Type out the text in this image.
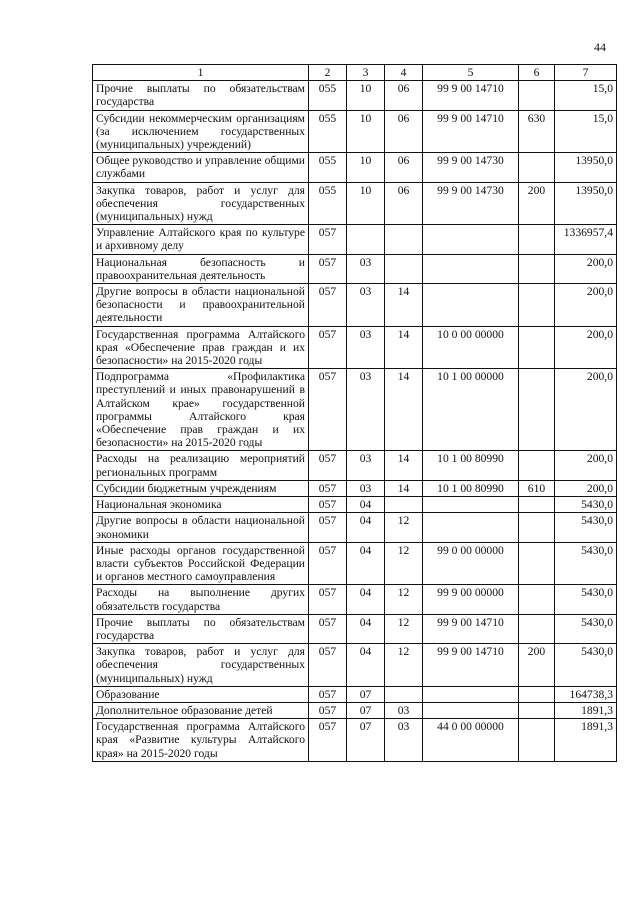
44
1	2	3	4	5	6	7
Прочие выплаты по обязательствам государства	055	10	06	99 9 00 14710		15,0
Субсидии некоммерческим организациям (за исключением государственных (муниципальных) учреждений)	055	10	06	99 9 00 14710	630	15,0
Общее руководство и управление общими службами	055	10	06	99 9 00 14730		13950,0
Закупка товаров, работ и услуг для обеспечения государственных (муниципальных) нужд	055	10	06	99 9 00 14730	200	13950,0
Управление Алтайского края по культуре и архивному делу	057					1336957,4
Национальная безопасность и правоохранительная деятельность	057	03				200,0
Другие вопросы в области национальной безопасности и правоохранительной деятельности	057	03	14			200,0
Государственная программа Алтайского края «Обеспечение прав граждан и их безопасности» на 2015-2020 годы	057	03	14	10 0 00 00000		200,0
Подпрограмма «Профилактика преступлений и иных правонарушений в Алтайском крае» государственной программы Алтайского края «Обеспечение прав граждан и их безопасности» на 2015-2020 годы	057	03	14	10 1 00 00000		200,0
Расходы на реализацию мероприятий региональных программ	057	03	14	10 1 00 80990		200,0
Субсидии бюджетным учреждениям	057	03	14	10 1 00 80990	610	200,0
Национальная экономика	057	04				5430,0
Другие вопросы в области национальной экономики	057	04	12			5430,0
Иные расходы органов государственной власти субъектов Российской Федерации и органов местного самоуправления	057	04	12	99 0 00 00000		5430,0
Расходы на выполнение других обязательств государства	057	04	12	99 9 00 00000		5430,0
Прочие выплаты по обязательствам государства	057	04	12	99 9 00 14710		5430,0
Закупка товаров, работ и услуг для обеспечения государственных (муниципальных) нужд	057	04	12	99 9 00 14710	200	5430,0
Образование	057	07				164738,3
Дополнительное образование детей	057	07	03			1891,3
Государственная программа Алтайского края «Развитие культуры Алтайского края» на 2015-2020 годы	057	07	03	44 0 00 00000		1891,3
